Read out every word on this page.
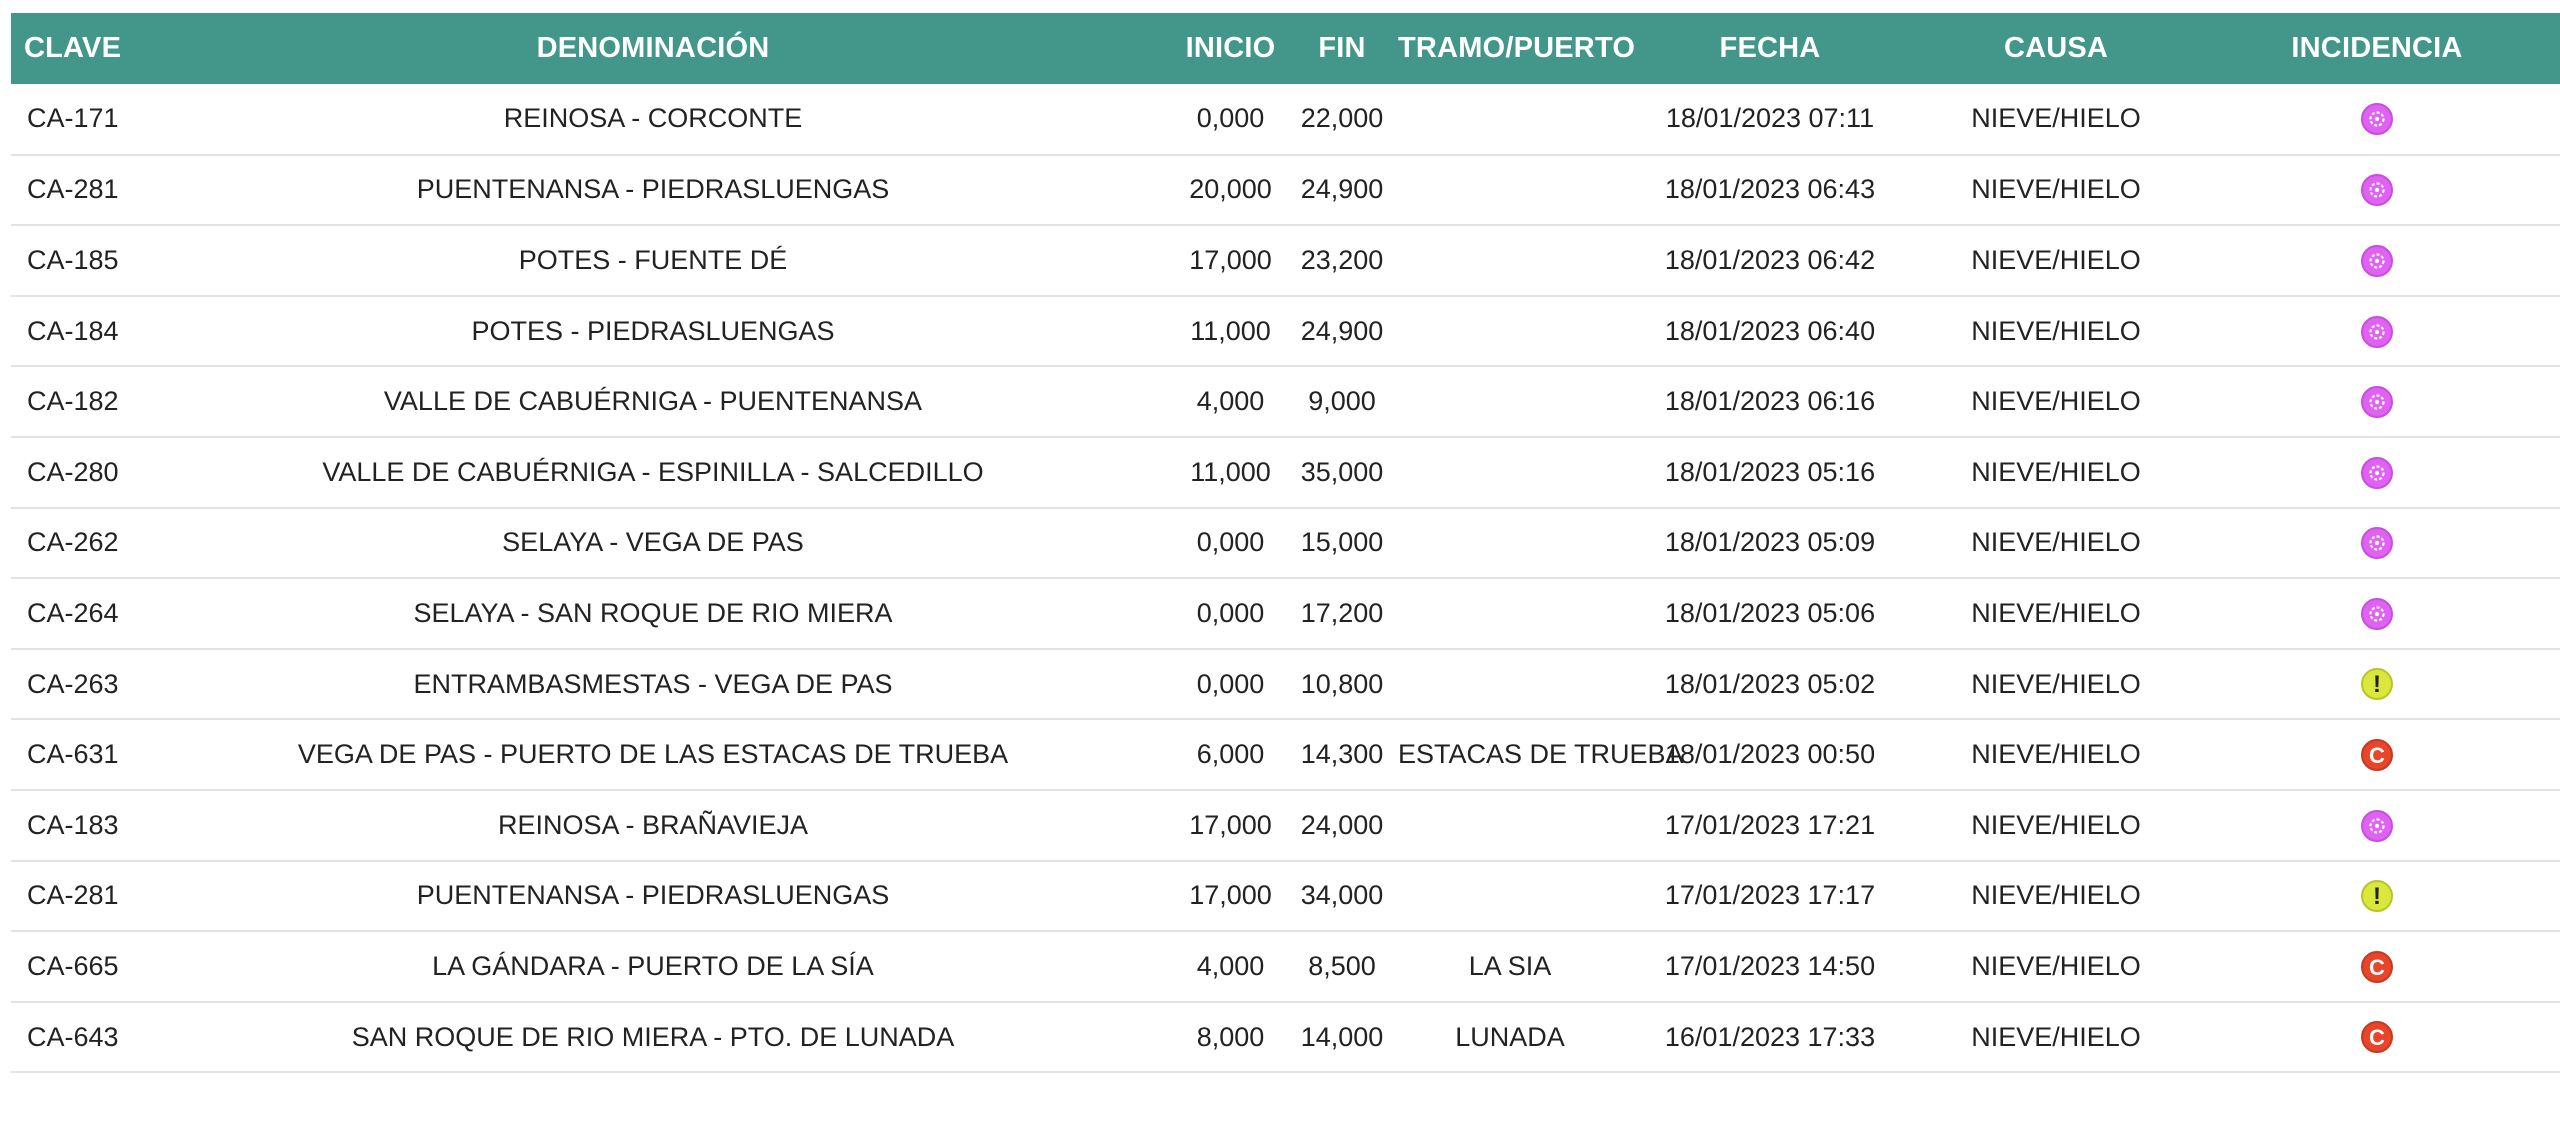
CLAVE	DENOMINACIÓN	INICIO	FIN	TRAMO/PUERTO	FECHA	CAUSA	INCIDENCIA
CA-171	REINOSA - CORCONTE	0,000	22,000		18/01/2023 07:11	NIEVE/HIELO	

CA-281	PUENTENANSA - PIEDRASLUENGAS	20,000	24,900		18/01/2023 06:43	NIEVE/HIELO	

CA-185	POTES - FUENTE DÉ	17,000	23,200		18/01/2023 06:42	NIEVE/HIELO	

CA-184	POTES - PIEDRASLUENGAS	11,000	24,900		18/01/2023 06:40	NIEVE/HIELO	

CA-182	VALLE DE CABUÉRNIGA - PUENTENANSA	4,000	9,000		18/01/2023 06:16	NIEVE/HIELO	

CA-280	VALLE DE CABUÉRNIGA - ESPINILLA - SALCEDILLO	11,000	35,000		18/01/2023 05:16	NIEVE/HIELO	

CA-262	SELAYA - VEGA DE PAS	0,000	15,000		18/01/2023 05:09	NIEVE/HIELO	

CA-264	SELAYA - SAN ROQUE DE RIO MIERA	0,000	17,200		18/01/2023 05:06	NIEVE/HIELO	

CA-263	ENTRAMBASMESTAS - VEGA DE PAS	0,000	10,800		18/01/2023 05:02	NIEVE/HIELO	!
CA-631	VEGA DE PAS - PUERTO DE LAS ESTACAS DE TRUEBA	6,000	14,300	ESTACAS DE TRUEBA	18/01/2023 00:50	NIEVE/HIELO	C
CA-183	REINOSA - BRAÑAVIEJA	17,000	24,000		17/01/2023 17:21	NIEVE/HIELO	

CA-281	PUENTENANSA - PIEDRASLUENGAS	17,000	34,000		17/01/2023 17:17	NIEVE/HIELO	!
CA-665	LA GÁNDARA - PUERTO DE LA SÍA	4,000	8,500	LA SIA	17/01/2023 14:50	NIEVE/HIELO	C
CA-643	SAN ROQUE DE RIO MIERA - PTO. DE LUNADA	8,000	14,000	LUNADA	16/01/2023 17:33	NIEVE/HIELO	C
